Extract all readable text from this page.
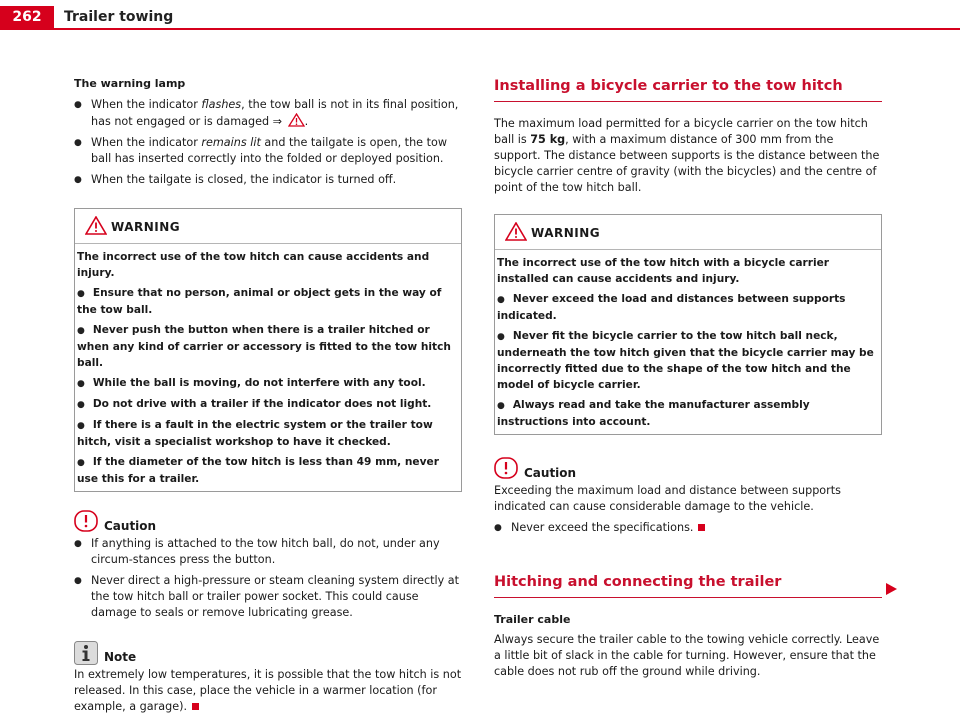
262	Trailer towing

The warning lamp

● When the indicator flashes, the tow ball is not in its final position, has not engaged or is damaged ⇒ .

● When the indicator remains lit and the tailgate is open, the tow ball has inserted correctly into the folded or deployed position.

● When the tailgate is closed, the indicator is turned off.

WARNING

The incorrect use of the tow hitch can cause accidents and injury.

● Ensure that no person, animal or object gets in the way of the tow ball.

● Never push the button when there is a trailer hitched or when any kind of carrier or accessory is fitted to the tow hitch ball.

● While the ball is moving, do not interfere with any tool.

● Do not drive with a trailer if the indicator does not light.

● If there is a fault in the electric system or the trailer tow hitch, visit a specialist workshop to have it checked.

● If the diameter of the tow hitch is less than 49 mm, never use this for a trailer.

Caution

● If anything is attached to the tow hitch ball, do not, under any circum-stances press the button.

● Never direct a high-pressure or steam cleaning system directly at the tow hitch ball or trailer power socket. This could cause damage to seals or remove lubricating grease.

Note

In extremely low temperatures, it is possible that the tow hitch is not released. In this case, place the vehicle in a warmer location (for example, a garage).

Installing a bicycle carrier to the tow hitch

The maximum load permitted for a bicycle carrier on the tow hitch ball is 75 kg, with a maximum distance of 300 mm from the support. The distance between supports is the distance between the bicycle carrier centre of gravity (with the bicycles) and the centre of point of the tow hitch ball.

WARNING

The incorrect use of the tow hitch with a bicycle carrier installed can cause accidents and injury.

● Never exceed the load and distances between supports indicated.

● Never fit the bicycle carrier to the tow hitch ball neck, underneath the tow hitch given that the bicycle carrier may be incorrectly fitted due to the shape of the tow hitch and the model of bicycle carrier.

● Always read and take the manufacturer assembly instructions into account.

Caution

Exceeding the maximum load and distance between supports indicated can cause considerable damage to the vehicle.

● Never exceed the specifications.

Hitching and connecting the trailer

Trailer cable

Always secure the trailer cable to the towing vehicle correctly. Leave a little bit of slack in the cable for turning. However, ensure that the cable does not rub off the ground while driving.
